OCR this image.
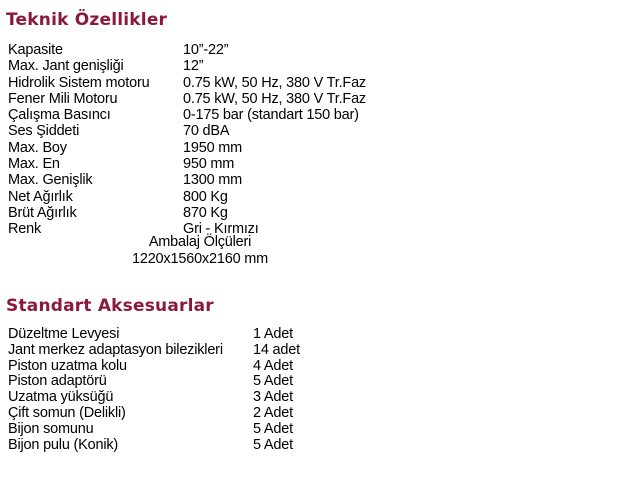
Teknik Özellikler
Kapasite	10”-22”
Max. Jant genişliği	12”
Hidrolik Sistem motoru	0.75 kW, 50 Hz, 380 V Tr.Faz
Fener Mili Motoru	0.75 kW, 50 Hz, 380 V Tr.Faz
Çalışma Basıncı	0-175 bar (standart 150 bar)
Ses Şiddeti	70 dBA
Max. Boy	1950 mm
Max. En	950 mm
Max. Genişlik	1300 mm
Net Ağırlık	800 Kg
Brüt Ağırlık	870 Kg
Renk	Gri - Kırmızı
Ambalaj Ölçüleri
1220x1560x2160 mm
Standart Aksesuarlar
Düzeltme Levyesi	1 Adet
Jant merkez adaptasyon bilezikleri	14 adet
Piston uzatma kolu	4 Adet
Piston adaptörü	5 Adet
Uzatma yüksüğü	3 Adet
Çift somun (Delikli)	2 Adet
Bijon somunu	5 Adet
Bijon pulu (Konik)	5 Adet
